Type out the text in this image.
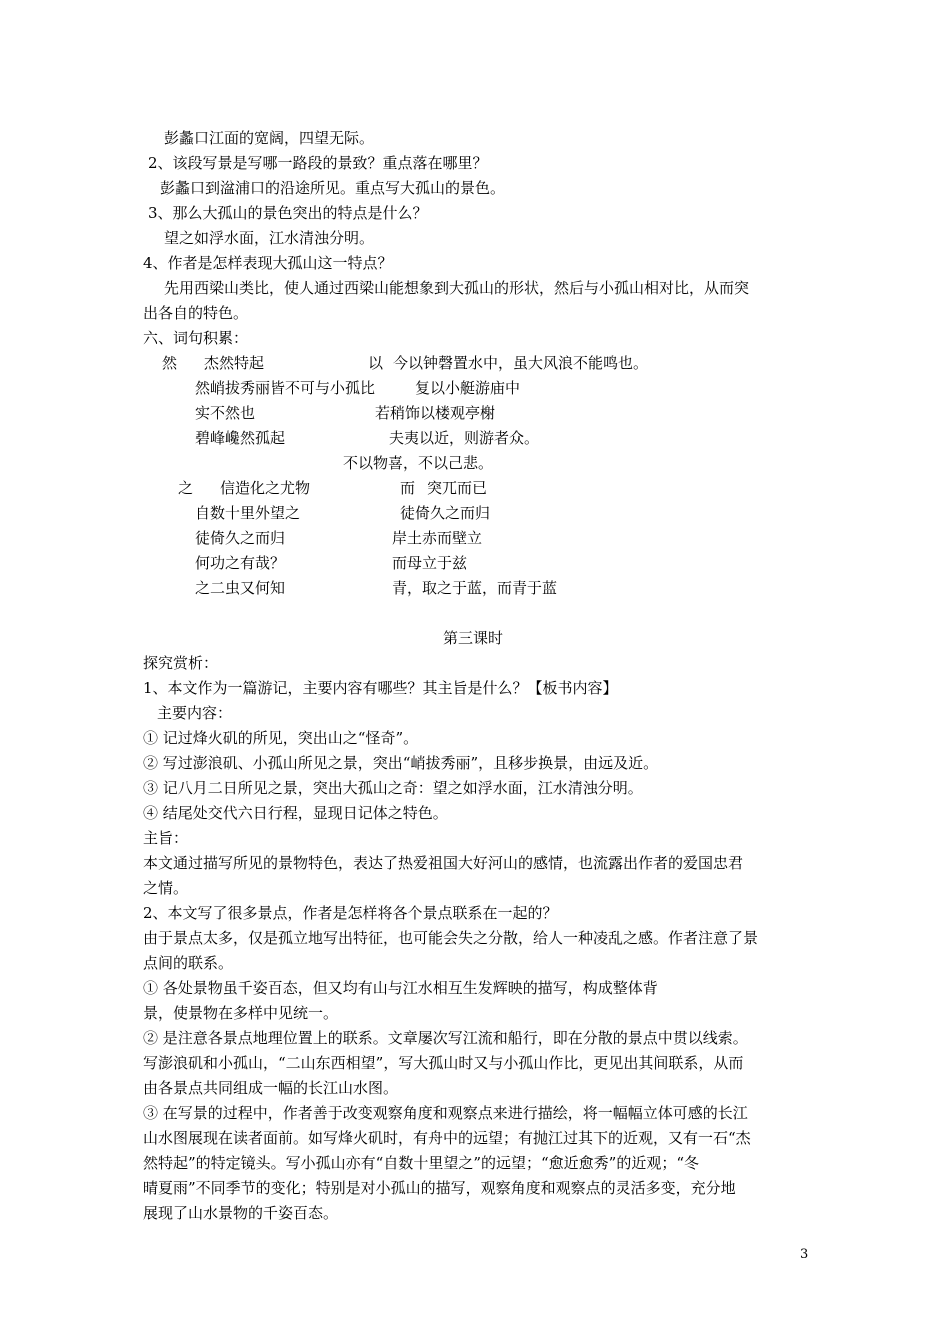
彭蠡口江面的宽阔，四望无际。
2、该段写景是写哪一路段的景致？重点落在哪里？
彭蠡口到湓浦口的沿途所见。重点写大孤山的景色。
3、那么大孤山的景色突出的特点是什么？
望之如浮水面，江水清浊分明。
4、作者是怎样表现大孤山这一特点？
先用西梁山类比，使人通过西梁山能想象到大孤山的形状，然后与小孤山相对比，从而突
出各自的特色。
六、词句积累：
然 杰然特起
然峭拔秀丽皆不可与小孤比
实不然也
碧峰巉然孤起
以 今以钟磬置水中，虽大风浪不能鸣也。
复以小艇游庙中
若稍饰以楼观亭榭
夫夷以近，则游者众。
不以物喜，不以己悲。
之 信造化之尤物
自数十里外望之
徒倚久之而归
何功之有哉？
之二虫又何知
而 突兀而已
徒倚久之而归
岸土赤而壁立
而母立于兹
青，取之于蓝，而青于蓝
第三课时
探究赏析：
1、本文作为一篇游记，主要内容有哪些？其主旨是什么？【板书内容】
主要内容：
① 记过烽火矶的所见，突出山之“怪奇”。
② 写过澎浪矶、小孤山所见之景，突出“峭拔秀丽”，且移步换景，由远及近。
③ 记八月二日所见之景，突出大孤山之奇：望之如浮水面，江水清浊分明。
④ 结尾处交代六日行程，显现日记体之特色。
主旨：
本文通过描写所见的景物特色，表达了热爱祖国大好河山的感情，也流露出作者的爱国忠君
之情。
2、本文写了很多景点，作者是怎样将各个景点联系在一起的？
由于景点太多，仅是孤立地写出特征，也可能会失之分散，给人一种凌乱之感。作者注意了景
点间的联系。
① 各处景物虽千姿百态，但又均有山与江水相互生发辉映的描写，构成整体背
景，使景物在多样中见统一。
② 是注意各景点地理位置上的联系。文章屡次写江流和船行，即在分散的景点中贯以线索。
写澎浪矶和小孤山，“二山东西相望”，写大孤山时又与小孤山作比，更见出其间联系，从而
由各景点共同组成一幅的长江山水图。
③ 在写景的过程中，作者善于改变观察角度和观察点来进行描绘，将一幅幅立体可感的长江
山水图展现在读者面前。如写烽火矶时，有舟中的远望；有抛江过其下的近观，又有一石“杰
然特起”的特定镜头。写小孤山亦有“自数十里望之”的远望；“愈近愈秀”的近观；“冬
晴夏雨”不同季节的变化；特别是对小孤山的描写，观察角度和观察点的灵活多变，充分地
展现了山水景物的千姿百态。
3
